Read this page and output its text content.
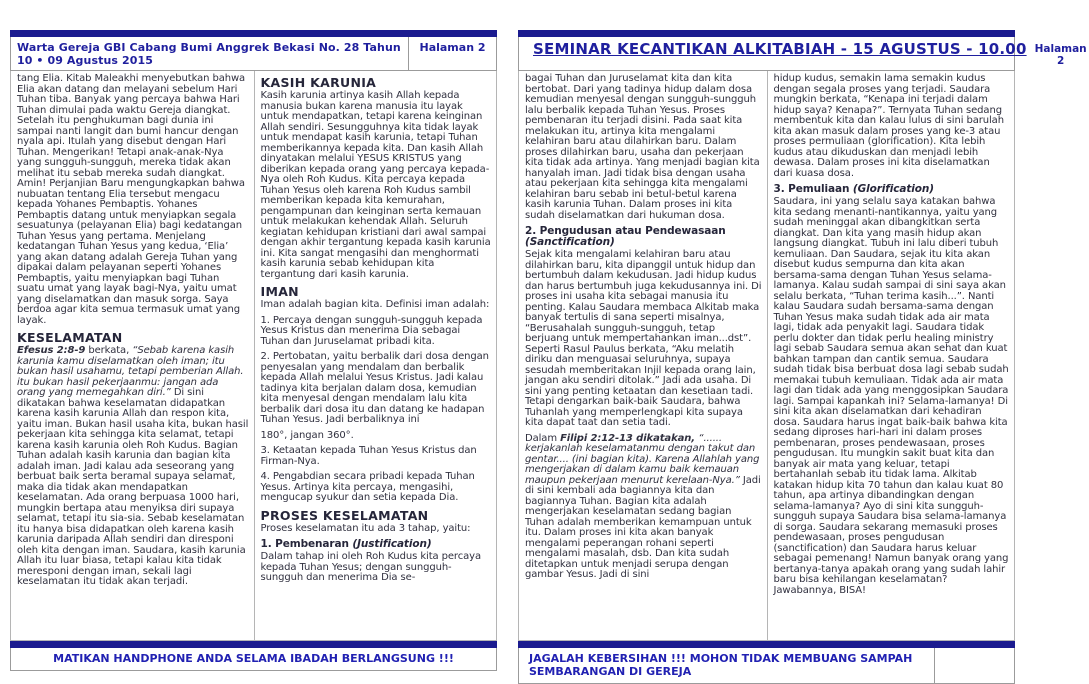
Warta Gereja GBI Cabang Bumi Anggrek Bekasi No. 28 Tahun 10 • 09 Agustus 2015
Halaman 2

tang Elia. Kitab Maleakhi menyebutkan bahwa Elia akan datang dan melayani sebelum Hari Tuhan tiba. Banyak yang percaya bahwa Hari Tuhan dimulai pada waktu Gereja diangkat. Setelah itu penghukuman bagi dunia ini sampai nanti langit dan bumi hancur dengan nyala api. Itulah yang disebut dengan Hari Tuhan. Mengerikan! Tetapi anak-anak-Nya yang sungguh-sungguh, mereka tidak akan melihat itu sebab mereka sudah diangkat. Amin! Perjanjian Baru mengungkapkan bahwa nubuatan tentang Elia tersebut mengacu kepada Yohanes Pembaptis. Yohanes Pembaptis datang untuk menyiapkan segala sesuatunya (pelayanan Elia) bagi kedatangan Tuhan Yesus yang pertama. Menjelang kedatangan Tuhan Yesus yang kedua, ‘Elia’ yang akan datang adalah Gereja Tuhan yang dipakai dalam pelayanan seperti Yohanes Pembaptis, yaitu menyiapkan bagi Tuhan suatu umat yang layak bagi-Nya, yaitu umat yang diselamatkan dan masuk sorga. Saya berdoa agar kita semua termasuk umat yang layak.

KESELAMATAN

Efesus 2:8-9 berkata, “Sebab karena kasih karunia kamu diselamatkan oleh iman; itu bukan hasil usahamu, tetapi pemberian Allah. itu bukan hasil pekerjaanmu: jangan ada orang yang memegahkan diri.” Di sini dikatakan bahwa keselamatan didapatkan karena kasih karunia Allah dan respon kita, yaitu iman. Bukan hasil usaha kita, bukan hasil pekerjaan kita sehingga kita selamat, tetapi karena kasih karunia oleh Roh Kudus. Bagian Tuhan adalah kasih karunia dan bagian kita adalah iman. Jadi kalau ada seseorang yang berbuat baik serta beramal supaya selamat, maka dia tidak akan mendapatkan keselamatan. Ada orang berpuasa 1000 hari, mungkin bertapa atau menyiksa diri supaya selamat, tetapi itu sia-sia. Sebab keselamatan itu hanya bisa didapatkan oleh karena kasih karunia daripada Allah sendiri dan diresponi oleh kita dengan iman. Saudara, kasih karunia Allah itu luar biasa, tetapi kalau kita tidak meresponi dengan iman, sekali lagi keselamatan itu tidak akan terjadi.

KASIH KARUNIA

Kasih karunia artinya kasih Allah kepada manusia bukan karena manusia itu layak untuk mendapatkan, tetapi karena keinginan Allah sendiri. Sesungguhnya kita tidak layak untuk mendapat kasih karunia, tetapi Tuhan memberikannya kepada kita. Dan kasih Allah dinyatakan melalui YESUS KRISTUS yang diberikan kepada orang yang percaya kepada-Nya oleh Roh Kudus. Kita percaya kepada Tuhan Yesus oleh karena Roh Kudus sambil memberikan kepada kita kemurahan, pengampunan dan keinginan serta kemauan untuk melakukan kehendak Allah. Seluruh kegiatan kehidupan kristiani dari awal sampai dengan akhir tergantung kepada kasih karunia ini. Kita sangat mengasihi dan menghormati kasih karunia sebab kehidupan kita tergantung dari kasih karunia.

IMAN

Iman adalah bagian kita. Definisi iman adalah:

1. Percaya dengan sungguh-sungguh kepada Yesus Kristus dan menerima Dia sebagai Tuhan dan Juruselamat pribadi kita.

2. Pertobatan, yaitu berbalik dari dosa dengan penyesalan yang mendalam dan berbalik kepada Allah melalui Yesus Kristus. Jadi kalau tadinya kita berjalan dalam dosa, kemudian kita menyesal dengan mendalam lalu kita berbalik dari dosa itu dan datang ke hadapan Tuhan Yesus. Jadi berbaliknya ini

180°, jangan 360°.

3. Ketaatan kepada Tuhan Yesus Kristus dan Firman-Nya.

4. Pengabdian secara pribadi kepada Tuhan Yesus. Artinya kita percaya, mengasihi, mengucap syukur dan setia kepada Dia.

PROSES KESELAMATAN

Proses keselamatan itu ada 3 tahap, yaitu:

1. Pembenaran (Justification)

Dalam tahap ini oleh Roh Kudus kita percaya kepada Tuhan Yesus; dengan sungguh-sungguh dan menerima Dia se-

MATIKAN HANDPHONE ANDA SELAMA IBADAH BERLANGSUNG !!!
SEMINAR KECANTIKAN ALKITABIAH - 15 AGUSTUS - 10.00 Halaman 2

bagai Tuhan dan Juruselamat kita dan kita bertobat. Dari yang tadinya hidup dalam dosa kemudian menyesal dengan sungguh-sungguh lalu berbalik kepada Tuhan Yesus. Proses pembenaran itu terjadi disini. Pada saat kita melakukan itu, artinya kita mengalami kelahiran baru atau dilahirkan baru. Dalam proses dilahirkan baru, usaha dan pekerjaan kita tidak ada artinya. Yang menjadi bagian kita hanyalah iman. Jadi tidak bisa dengan usaha atau pekerjaan kita sehingga kita mengalami kelahiran baru sebab ini betul-betul karena kasih karunia Tuhan. Dalam proses ini kita sudah diselamatkan dari hukuman dosa.

2. Pengudusan atau Pendewasaan (Sanctification)

Sejak kita mengalami kelahiran baru atau dilahirkan baru, kita dipanggil untuk hidup dan bertumbuh dalam kekudusan. Jadi hidup kudus dan harus bertumbuh juga kekudusannya ini. Di proses ini usaha kita sebagai manusia itu penting. Kalau Saudara membaca Alkitab maka banyak tertulis di sana seperti misalnya, “Berusahalah sungguh-sungguh, tetap berjuang untuk mempertahankan iman...dst”. Seperti Rasul Paulus berkata, “Aku melatih diriku dan menguasai seluruhnya, supaya sesudah memberitakan Injil kepada orang lain, jangan aku sendiri ditolak.” Jadi ada usaha. Di sini yang penting ketaatan dan kesetiaan tadi. Tetapi dengarkan baik-baik Saudara, bahwa Tuhanlah yang memperlengkapi kita supaya kita dapat taat dan setia tadi.

Dalam Filipi 2:12-13 dikatakan, “...... kerjakanlah keselamatanmu dengan takut dan gentar.... (ini bagian kita). Karena Allahlah yang mengerjakan di dalam kamu baik kemauan maupun pekerjaan menurut kerelaan-Nya.” Jadi di sini kembali ada bagiannya kita dan bagiannya Tuhan. Bagian kita adalah mengerjakan keselamatan sedang bagian Tuhan adalah memberikan kemampuan untuk itu. Dalam proses ini kita akan banyak mengalami peperangan rohani seperti mengalami masalah, dsb. Dan kita sudah ditetapkan untuk menjadi serupa dengan gambar Yesus. Jadi di sini

hidup kudus, semakin lama semakin kudus dengan segala proses yang terjadi. Saudara mungkin berkata, “Kenapa ini terjadi dalam hidup saya? Kenapa?”. Ternyata Tuhan sedang membentuk kita dan kalau lulus di sini barulah kita akan masuk dalam proses yang ke-3 atau proses permuliaan (glorification). Kita lebih kudus atau dikuduskan dan menjadi lebih dewasa. Dalam proses ini kita diselamatkan dari kuasa dosa.

3. Pemuliaan (Glorification)

Saudara, ini yang selalu saya katakan bahwa kita sedang menanti-nantikannya, yaitu yang sudah meninggal akan dibangkitkan serta diangkat. Dan kita yang masih hidup akan langsung diangkat. Tubuh ini lalu diberi tubuh kemuliaan. Dan Saudara, sejak itu kita akan disebut kudus sempurna dan kita akan bersama-sama dengan Tuhan Yesus selama-lamanya. Kalau sudah sampai di sini saya akan selalu berkata, “Tuhan terima kasih...”. Nanti kalau Saudara sudah bersama-sama dengan Tuhan Yesus maka sudah tidak ada air mata lagi, tidak ada penyakit lagi. Saudara tidak perlu dokter dan tidak perlu healing ministry lagi sebab Saudara semua akan sehat dan kuat bahkan tampan dan cantik semua. Saudara sudah tidak bisa berbuat dosa lagi sebab sudah memakai tubuh kemuliaan. Tidak ada air mata lagi dan tidak ada yang menggosipkan Saudara lagi. Sampai kapankah ini? Selama-lamanya! Di sini kita akan diselamatkan dari kehadiran dosa. Saudara harus ingat baik-baik bahwa kita sedang diproses hari-hari ini dalam proses pembenaran, proses pendewasaan, proses pengudusan. Itu mungkin sakit buat kita dan banyak air mata yang keluar, tetapi bertahanlah sebab itu tidak lama. Alkitab katakan hidup kita 70 tahun dan kalau kuat 80 tahun, apa artinya dibandingkan dengan selama-lamanya? Ayo di sini kita sungguh-sungguh supaya Saudara bisa selama-lamanya di sorga. Saudara sekarang memasuki proses pendewasaan, proses pengudusan (sanctification) dan Saudara harus keluar sebagai pemenang! Namun banyak orang yang bertanya-tanya apakah orang yang sudah lahir baru bisa kehilangan keselamatan? Jawabannya, BISA!

JAGALAH KEBERSIHAN !!! MOHON TIDAK MEMBUANG SAMPAH SEMBARANGAN DI GEREJA
